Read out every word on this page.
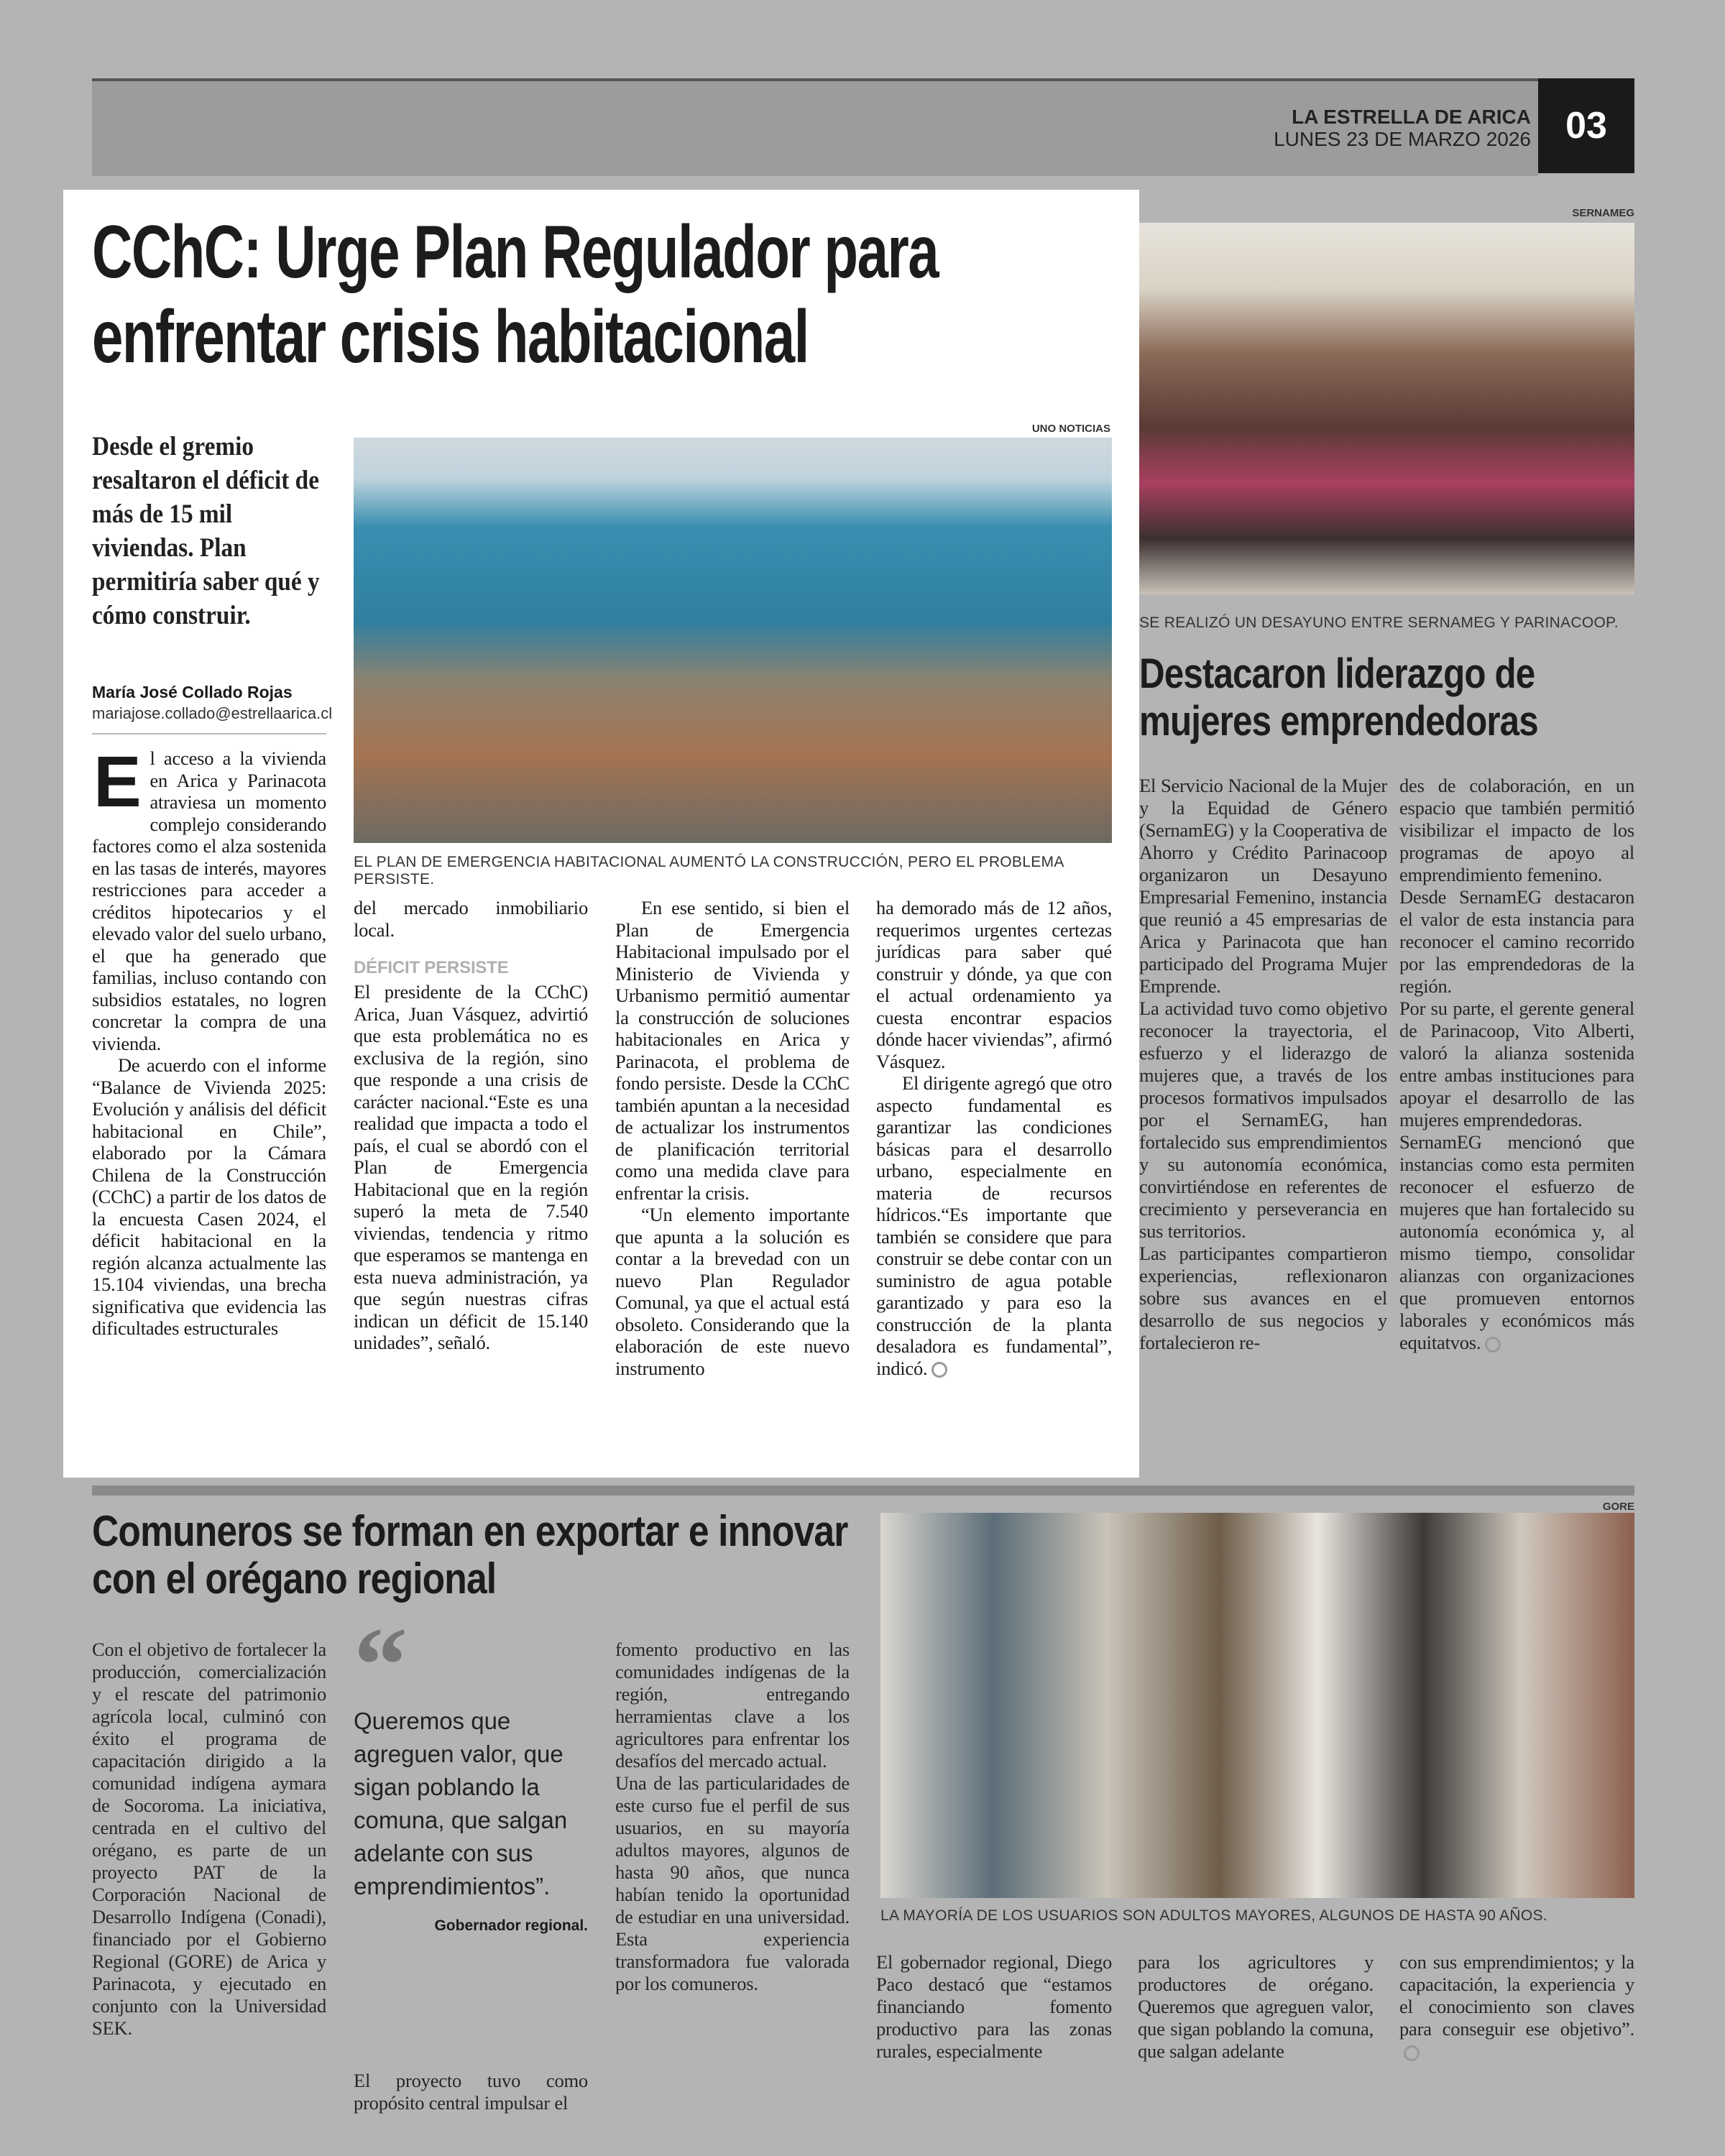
LA ESTRELLA DE ARICA
LUNES 23 DE MARZO 2026 03
CChC: Urge Plan Regulador para enfrentar crisis habitacional
Desde el gremio resaltaron el déficit de más de 15 mil viviendas. Plan permitiría saber qué y cómo construir.
María José Collado Rojas
mariajose.collado@estrellaarica.cl
UNO NOTICIAS
EL PLAN DE EMERGENCIA HABITACIONAL AUMENTÓ LA CONSTRUCCIÓN, PERO EL PROBLEMA PERSISTE.
E l acceso a la vivienda en Arica y Parinacota atraviesa un momento complejo considerando factores como el alza sostenida en las tasas de interés, mayores restricciones para acceder a créditos hipotecarios y el elevado valor del suelo urbano, el que ha generado que familias, incluso contando con subsidios estatales, no logren concretar la compra de una vivienda.

De acuerdo con el informe “Balance de Vivienda 2025: Evolución y análisis del déficit habitacional en Chile”, elaborado por la Cámara Chilena de la Construcción (CChC) a partir de los datos de la encuesta Casen 2024, el déficit habitacional en la región alcanza actualmente las 15.104 viviendas, una brecha significativa que evidencia las dificultades estructurales

del mercado inmobiliario local.

DÉFICIT PERSISTE

El presidente de la CChC) Arica, Juan Vásquez, advirtió que esta problemática no es exclusiva de la región, sino que responde a una crisis de carácter nacional.“Este es una realidad que impacta a todo el país, el cual se abordó con el Plan de Emergencia Habitacional que en la región superó la meta de 7.540 viviendas, tendencia y ritmo que esperamos se mantenga en esta nueva administración, ya que según nuestras cifras indican un déficit de 15.140 unidades”, señaló.

En ese sentido, si bien el Plan de Emergencia Habitacional impulsado por el Ministerio de Vivienda y Urbanismo permitió aumentar la construcción de soluciones habitacionales en Arica y Parinacota, el problema de fondo persiste. Desde la CChC también apuntan a la necesidad de actualizar los instrumentos de planificación territorial como una medida clave para enfrentar la crisis.

“Un elemento importante que apunta a la solución es contar a la brevedad con un nuevo Plan Regulador Comunal, ya que el actual está obsoleto. Considerando que la elaboración de este nuevo instrumento

ha demorado más de 12 años, requerimos urgentes certezas jurídicas para saber qué construir y dónde, ya que con el actual ordenamiento ya cuesta encontrar espacios dónde hacer viviendas”, afirmó Vásquez.

El dirigente agregó que otro aspecto fundamental es garantizar las condiciones básicas para el desarrollo urbano, especialmente en materia de recursos hídricos.“Es importante que también se considere que para construir se debe contar con un suministro de agua potable garantizado y para eso la construcción de la planta desaladora es fundamental”, indicó.

SERNAMEG
SE REALIZÓ UN DESAYUNO ENTRE SERNAMEG Y PARINACOOP.
Destacaron liderazgo de mujeres emprendedoras

El Servicio Nacional de la Mujer y la Equidad de Género (SernamEG) y la Cooperativa de Ahorro y Crédito Parinacoop organizaron un Desayuno Empresarial Femenino, instancia que reunió a 45 empresarias de Arica y Parinacota que han participado del Programa Mujer Emprende.

La actividad tuvo como objetivo reconocer la trayectoria, el esfuerzo y el liderazgo de mujeres que, a través de los procesos formativos impulsados por el SernamEG, han fortalecido sus emprendimientos y su autonomía económica, convirtiéndose en referentes de crecimiento y perseverancia en sus territorios.

Las participantes compartieron experiencias, reflexionaron sobre sus avances en el desarrollo de sus negocios y fortalecieron re-

des de colaboración, en un espacio que también permitió visibilizar el impacto de los programas de apoyo al emprendimiento femenino.

Desde SernamEG destacaron el valor de esta instancia para reconocer el camino recorrido por las emprendedoras de la región.

Por su parte, el gerente general de Parinacoop, Vito Alberti, valoró la alianza sostenida entre ambas instituciones para apoyar el desarrollo de las mujeres emprendedoras.

SernamEG mencionó que instancias como esta permiten reconocer el esfuerzo de mujeres que han fortalecido su autonomía económica y, al mismo tiempo, consolidar alianzas con organizaciones que promueven entornos laborales y económicos más equitatvos.

Comuneros se forman en exportar e innovar con el orégano regional

Con el objetivo de fortalecer la producción, comercialización y el rescate del patrimonio agrícola local, culminó con éxito el programa de capacitación dirigido a la comunidad indígena aymara de Socoroma. La iniciativa, centrada en el cultivo del orégano, es parte de un proyecto PAT de la Corporación Nacional de Desarrollo Indígena (Conadi), financiado por el Gobierno Regional (GORE) de Arica y Parinacota, y ejecutado en conjunto con la Universidad SEK.

“
Queremos que agreguen valor, que sigan poblando la comuna, que salgan adelante con sus emprendimientos”.
Gobernador regional.

El proyecto tuvo como propósito central impulsar el

fomento productivo en las comunidades indígenas de la región, entregando herramientas clave a los agricultores para enfrentar los desafíos del mercado actual.

Una de las particularidades de este curso fue el perfil de sus usuarios, en su mayoría adultos mayores, algunos de hasta 90 años, que nunca habían tenido la oportunidad de estudiar en una universidad. Esta experiencia transformadora fue valorada por los comuneros.

GORE
LA MAYORÍA DE LOS USUARIOS SON ADULTOS MAYORES, ALGUNOS DE HASTA 90 AÑOS.

El gobernador regional, Diego Paco destacó que “estamos financiando fomento productivo para las zonas rurales, especialmente

para los agricultores y productores de orégano. Queremos que agreguen valor, que sigan poblando la comuna, que salgan adelante

con sus emprendimientos; y la capacitación, la experiencia y el conocimiento son claves para conseguir ese objetivo”.
